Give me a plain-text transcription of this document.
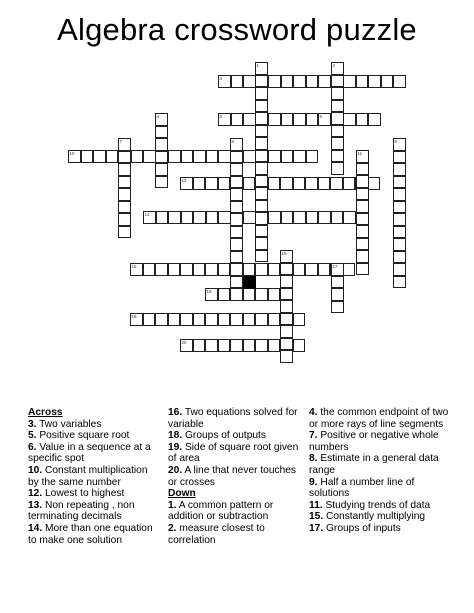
Algebra crossword puzzle
3
5	6
10
12
14
16
18
19
20
1	2
4
7	8	9
11
15
17
Across
3. Two variables
5. Positive square root
6. Value in a sequence at a specific spot
10. Constant multiplication by the same number
12. Lowest to highest
13. Non repeating , non terminating decimals
14. More than one equation to make one solution
16. Two equations solved for variable
18. Groups of outputs
19. Side of square root given of area
20. A line that never touches or crosses
Down
1. A common pattern or addition or subtraction
2. measure closest to correlation
4. the common endpoint of two or more rays of line segments
7. Positive or negative whole numbers
8. Estimate in a general data range
9. Half a number line of solutions
11. Studying trends of data
15. Constantly multiplying
17. Groups of inputs
